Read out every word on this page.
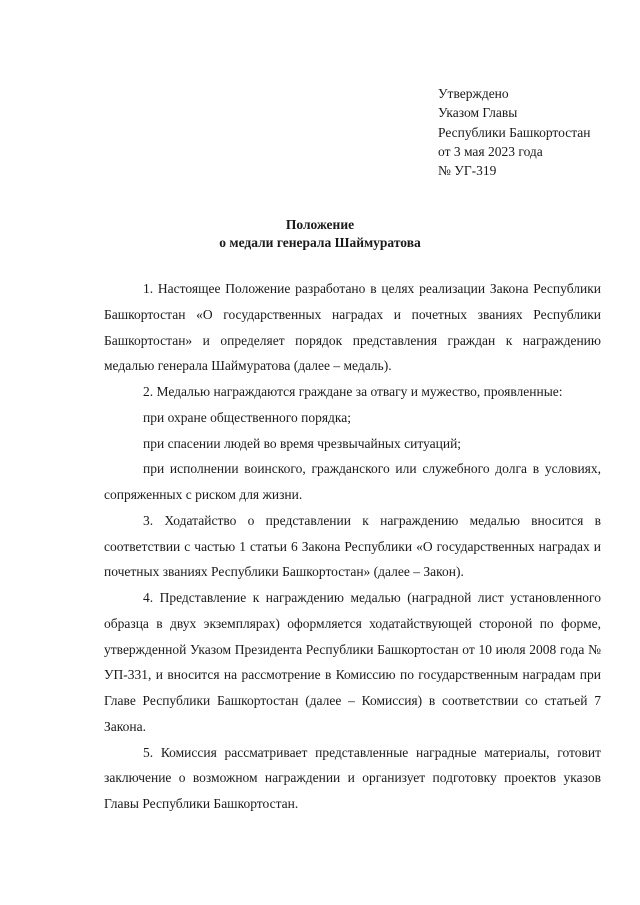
Утверждено
Указом Главы
Республики Башкортостан
от 3 мая 2023 года
№ УГ-319
Положение
о медали генерала Шаймуратова

1. Настоящее Положение разработано в целях реализации Закона Республики Башкортостан «О государственных наградах и почетных званиях Республики Башкортостан» и определяет порядок представления граждан к награждению медалью генерала Шаймуратова (далее – медаль).

2. Медалью награждаются граждане за отвагу и мужество, проявленные:

при охране общественного порядка;

при спасении людей во время чрезвычайных ситуаций;

при исполнении воинского, гражданского или служебного долга в условиях, сопряженных с риском для жизни.

3. Ходатайство о представлении к награждению медалью вносится в соответствии с частью 1 статьи 6 Закона Республики «О государственных наградах и почетных званиях Республики Башкортостан» (далее – Закон).

4. Представление к награждению медалью (наградной лист установленного образца в двух экземплярах) оформляется ходатайствующей стороной по форме, утвержденной Указом Президента Республики Башкортостан от 10 июля 2008 года № УП-331, и вносится на рассмотрение в Комиссию по государственным наградам при Главе Республики Башкортостан (далее – Комиссия) в соответствии со статьей 7 Закона.

5. Комиссия рассматривает представленные наградные материалы, готовит заключение о возможном награждении и организует подготовку проектов указов Главы Республики Башкортостан.
